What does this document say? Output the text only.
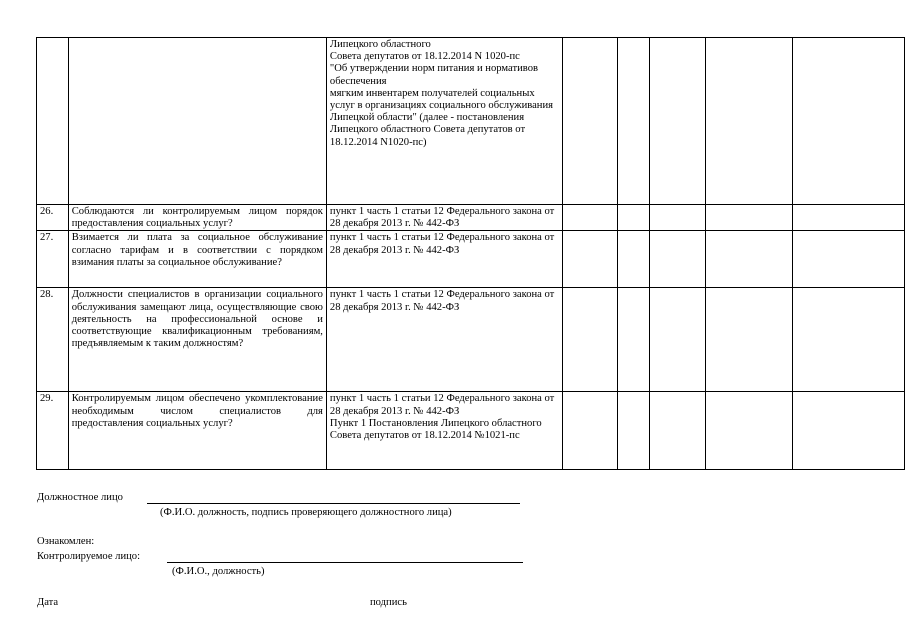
		Липецкого областного
Совета депутатов от 18.12.2014 N 1020-пс
"Об утверждении норм питания и нормативов обеспечения
мягким инвентарем получателей социальных услуг в организациях социального обслуживания
Липецкой области" (далее - постановления Липецкого областного Совета депутатов от 18.12.2014 N1020-пс)					

26.	Соблюдаются ли контролируемым лицом порядок предоставления социальных услуг?	пункт 1 часть 1 статьи 12 Федерального закона от 28 декабря 2013 г. № 442-ФЗ					

27.	Взимается ли плата за социальное обслуживание согласно тарифам и в соответствии с порядком взимания платы за социальное обслуживание?	пункт 1 часть 1 статьи 12 Федерального закона от 28 декабря 2013 г. № 442-ФЗ					

28.	Должности специалистов в организации социального обслуживания замещают лица, осуществляющие свою деятельность на профессиональной основе и соответствующие квалификационным требованиям, предъявляемым к таким должностям?	пункт 1 часть 1 статьи 12 Федерального закона от 28 декабря 2013 г. № 442-ФЗ					

29.	Контролируемым лицом обеспечено укомплектование необходимым числом специалистов для предоставления социальных услуг?	пункт 1 часть 1 статьи 12 Федерального закона от 28 декабря 2013 г. № 442-ФЗ
Пункт 1 Постановления Липецкого областного Совета депутатов от 18.12.2014 №1021-пс					

Должностное лицо
(Ф.И.О. должность, подпись проверяющего должностного лица)
Ознакомлен:
Контролируемое лицо:
(Ф.И.О., должность)
Дата	подпись
